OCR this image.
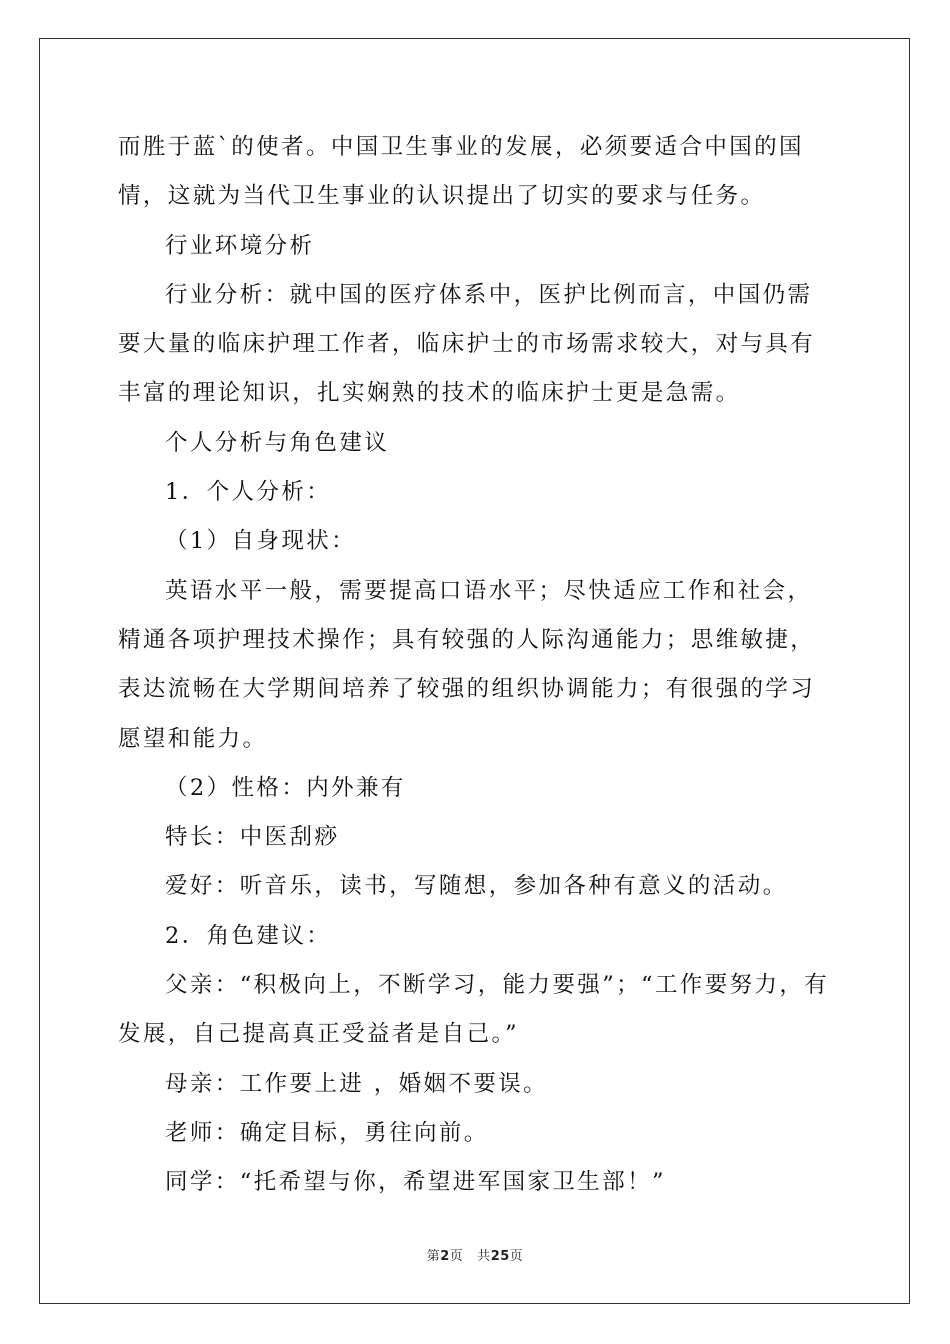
而胜于蓝`的使者。中国卫生事业的发展，必须要适合中国的国情，这就为当代卫生事业的认识提出了切实的要求与任务。

行业环境分析

行业分析：就中国的医疗体系中，医护比例而言，中国仍需要大量的临床护理工作者，临床护士的市场需求较大，对与具有丰富的理论知识，扎实娴熟的技术的临床护士更是急需。

个人分析与角色建议

1．个人分析：

（1）自身现状：

英语水平一般，需要提高口语水平；尽快适应工作和社会，精通各项护理技术操作；具有较强的人际沟通能力；思维敏捷，表达流畅在大学期间培养了较强的组织协调能力；有很强的学习愿望和能力。

（2）性格：内外兼有

特长：中医刮痧

爱好：听音乐，读书，写随想，参加各种有意义的活动。

2．角色建议：

父亲：“积极向上，不断学习，能力要强”；“工作要努力，有发展，自己提高真正受益者是自己。”

母亲：工作要上进 ，婚姻不要误。

老师：确定目标，勇往向前。

同学：“托希望与你，希望进军国家卫生部！”

第2页 共25页
